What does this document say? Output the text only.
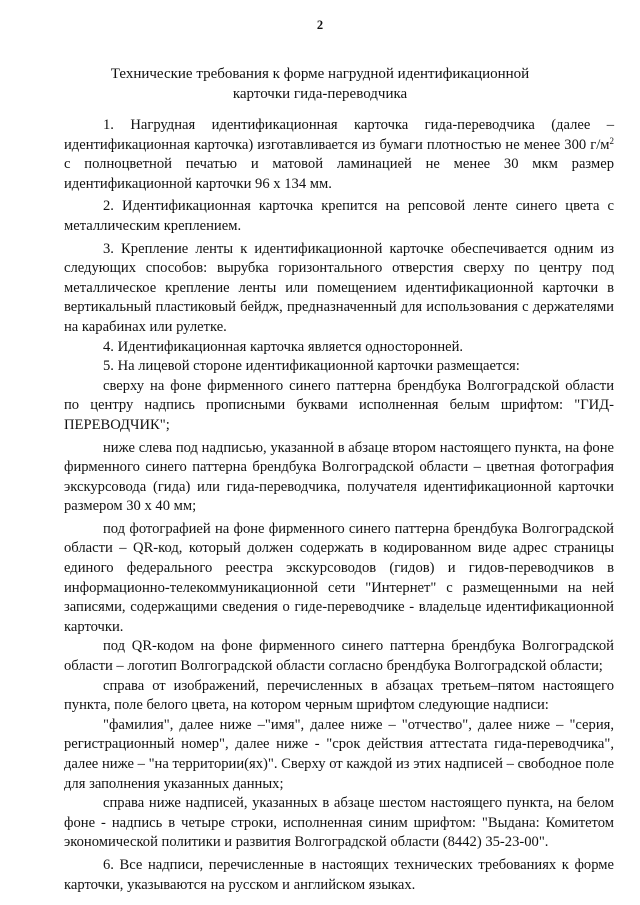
2
Технические требования к форме нагрудной идентификационной
карточки гида-переводчика

1. Нагрудная идентификационная карточка гида-переводчика (далее – идентификационная карточка) изготавливается из бумаги плотностью не менее 300 $г/м^2$ с полноцветной печатью и матовой ламинацией не менее 30 мкм размер идентификационной карточки 96 х 134 мм.

2. Идентификационная карточка крепится на репсовой ленте синего цвета с металлическим креплением.

3. Крепление ленты к идентификационной карточке обеспечивается одним из следующих способов: вырубка горизонтального отверстия сверху по центру под металлическое крепление ленты или помещением идентификационной карточки в вертикальный пластиковый бейдж, предназначенный для использования с держателями на карабинах или рулетке.

4. Идентификационная карточка является односторонней.

5. На лицевой стороне идентификационной карточки размещается:

сверху на фоне фирменного синего паттерна брендбука Волгоградской области по центру надпись прописными буквами исполненная белым шрифтом: "ГИД-ПЕРЕВОДЧИК";

ниже слева под надписью, указанной в абзаце втором настоящего пункта, на фоне фирменного синего паттерна брендбука Волгоградской области – цветная фотография экскурсовода (гида) или гида-переводчика, получателя идентификационной карточки размером 30 х 40 мм;

под фотографией на фоне фирменного синего паттерна брендбука Волгоградской области – QR-код, который должен содержать в кодированном виде адрес страницы единого федерального реестра экскурсоводов (гидов) и гидов-переводчиков в информационно-телекоммуникационной сети "Интернет" с размещенными на ней записями, содержащими сведения о гиде-переводчике - владельце идентификационной карточки.

под QR-кодом на фоне фирменного синего паттерна брендбука Волгоградской области – логотип Волгоградской области согласно брендбука Волгоградской области;

справа от изображений, перечисленных в абзацах третьем–пятом настоящего пункта, поле белого цвета, на котором черным шрифтом следующие надписи:

"фамилия", далее ниже –"имя", далее ниже – "отчество", далее ниже – "серия, регистрационный номер", далее ниже - "срок действия аттестата гида-переводчика", далее ниже – "на территории(ях)". Сверху от каждой из этих надписей – свободное поле для заполнения указанных данных;

справа ниже надписей, указанных в абзаце шестом настоящего пункта, на белом фоне - надпись в четыре строки, исполненная синим шрифтом: "Выдана: Комитетом экономической политики и развития Волгоградской области (8442) 35-23-00".

6. Все надписи, перечисленные в настоящих технических требованиях к форме карточки, указываются на русском и английском языках.
